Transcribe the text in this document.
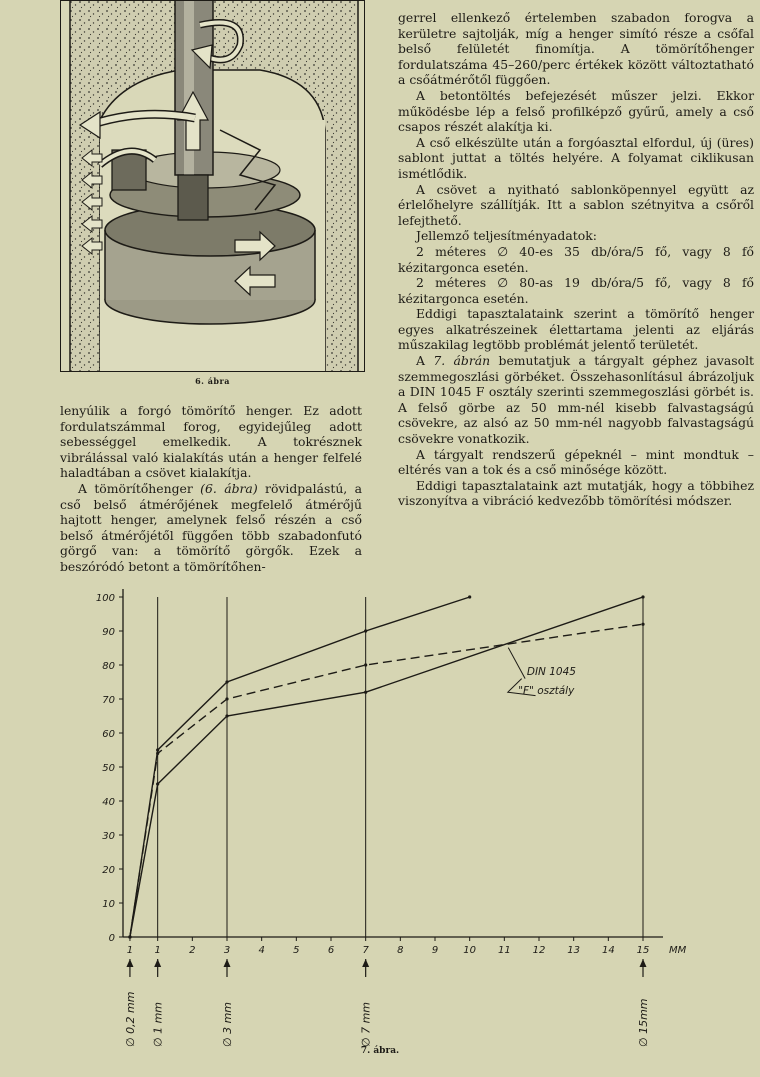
6. ábra

lenyúlik a forgó tömörítő henger. Ez adott fordulatszámmal forog, egyidejűleg adott sebességgel emelkedik. A tokrésznek vibrálással való kialakítás után a henger felfelé haladtában a csövet kialakítja.

A tömörítőhenger (6. ábra) rövidpalástú, a cső belső átmérőjének megfelelő átmérőjű hajtott henger, amelynek felső részén a cső belső átmérőjétől függően több szabadonfutó görgő van: a tömörítő görgők. Ezek a beszóródó betont a tömörítőhen-

gerrel ellenkező értelemben szabadon forogva a kerületre sajtolják, míg a henger simító része a csőfal belső felületét finomítja. A tömörítőhenger fordulatszáma 45–260/perc értékek között változtatható a csőátmérőtől függően.

A betontöltés befejezését műszer jelzi. Ekkor működésbe lép a felső profilképző gyűrű, amely a cső csapos részét alakítja ki.

A cső elkészülte után a forgóasztal elfordul, új (üres) sablont juttat a töltés helyére. A folyamat ciklikusan ismétlődik.

A csövet a nyitható sablonköpennyel együtt az érlelőhelyre szállítják. Itt a sablon szétnyitva a csőről lefejthető.

Jellemző teljesítményadatok:

2 méteres ∅ 40-es 35 db/óra/5 fő, vagy 8 fő kézitargonca esetén.

2 méteres ∅ 80-as 19 db/óra/5 fő, vagy 8 fő kézitargonca esetén.

Eddigi tapasztalataink szerint a tömörítő henger egyes alkatrészeinek élettartama jelenti az eljárás műszakilag legtöbb problémát jelentő területét.

A 7. ábrán bemutatjuk a tárgyalt géphez javasolt szemmegoszlási görbéket. Összehasonlításul ábrázoljuk a DIN 1045 F osztály szerinti szemmegoszlási görbét is. A felső görbe az 50 mm-nél kisebb falvastagságú csövekre, az alsó az 50 mm-nél nagyobb falvastagságú csövekre vonatkozik.

A tárgyalt rendszerű gépeknél – mint mondtuk – eltérés van a tok és a cső minősége között.

Eddigi tapasztalataink azt mutatják, hogy a többihez viszonyítva a vibráció kedvezőbb tömörítési módszer.

0
10
20
30
40
50
60
70
80
90
100
1 1	2	3	4	5	6	7	8	9	10 11 12 13 14 15 MM
DIN 1045
"F" osztály
∅ 0,2 mm ∅ 1 mm	∅ 3 mm	∅ 7 mm	∅ 15mm
7. ábra.
